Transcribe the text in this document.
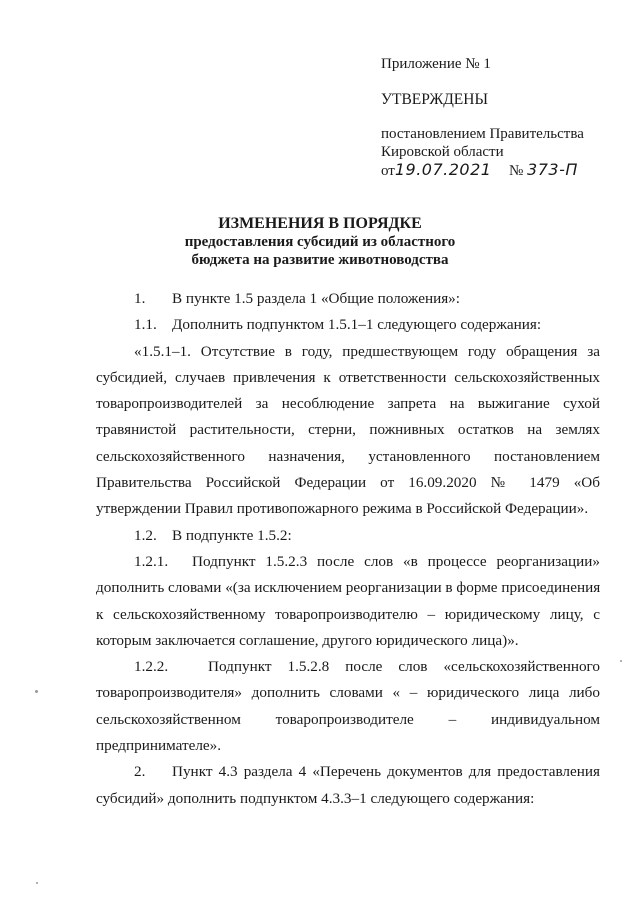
Приложение № 1
УТВЕРЖДЕНЫ
постановлением Правительства
Кировской области
от19.07.2021 № 373-П
ИЗМЕНЕНИЯ В ПОРЯДКЕ
предоставления субсидий из областного
бюджета на развитие животноводства
1. В пункте 1.5 раздела 1 «Общие положения»:
1.1. Дополнить подпунктом 1.5.1–1 следующего содержания:
«1.5.1–1. Отсутствие в году, предшествующем году обращения за
субсидией, случаев привлечения к ответственности сельскохозяйственных
товаропроизводителей за несоблюдение запрета на выжигание сухой
травянистой растительности, стерни, пожнивных остатков на землях
сельскохозяйственного назначения, установленного постановлением
Правительства Российской Федерации от 16.09.2020 № 1479 «Об
утверждении Правил противопожарного режима в Российской Федерации».
1.2. В подпункте 1.5.2:
1.2.1. Подпункт 1.5.2.3 после слов «в процессе реорганизации»
дополнить словами «(за исключением реорганизации в форме присоединения
к сельскохозяйственному товаропроизводителю – юридическому лицу, с
которым заключается соглашение, другого юридического лица)».
1.2.2.	Подпункт 1.5.2.8 после слов «сельскохозяйственного
товаропроизводителя» дополнить словами « – юридического лица либо
сельскохозяйственном товаропроизводителе – индивидуальном
предпринимателе».
2. Пункт 4.3 раздела 4 «Перечень документов для предоставления
субсидий» дополнить подпунктом 4.3.3–1 следующего содержания:
